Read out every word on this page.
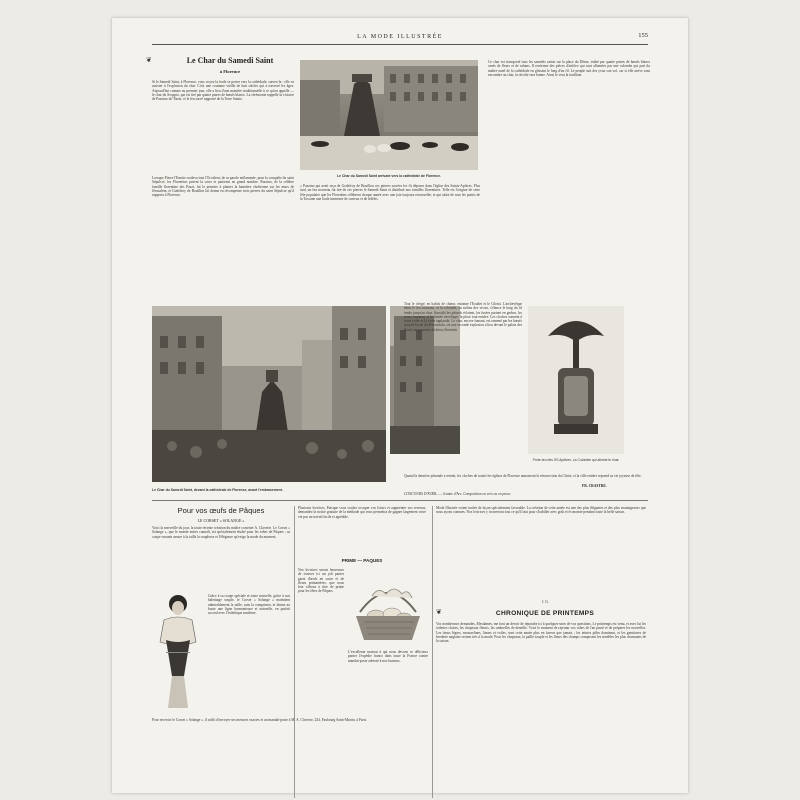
LA MODE ILLUSTRÉE	155
❦	Le Char du Samedi Saint
à Florence
Si le Samedi Saint, à Florence, vous voyez la foule se porter vers la cathédrale, suivez-la : elle va assister à l'explosion du char. C'est une coutume vieille de huit siècles qui a traversé les âges. Aujourd'hui comme au premier jour, elle a lieu d'une manière traditionnelle à ce qu'on appelle — le char du Scoppio, qui est tiré par quatre paires de bœufs blancs. La cérémonie rappelle la victoire de Pazzino de' Pazzi, et le feu sacré rapporté de la Terre Sainte.
Lorsque Pierre l'Ermite souleva tout l'Occident, de sa parole enflammée, pour la conquête du saint Sépulcre, les Florentins prirent la croix et partirent en grand nombre. Pazzino, de la célèbre famille florentine des Pazzi, fut le premier à planter la bannière chrétienne sur les murs de Jérusalem, et Godefroy de Bouillon lui donna en récompense trois pierres du saint Sépulcre qu'il rapporta à Florence.
Le Char du Samedi Saint arrivant vers la cathédrale de Florence.
Ce char est transporté tous les samedis saints sur la place du Dôme, traîné par quatre paires de bœufs blancs ornés de fleurs et de rubans. Il renferme des pièces d'artifice qui sont allumées par une colombe qui part du maître-autel de la cathédrale en glissant le long d'un fil. Le peuple suit des yeux son vol, car si elle arrive sans encombre au char, la récolte sera bonne. Ainsi le veut la tradition.
« Pazzino qui avait reçu de Godefroy de Bouillon ces pierres sacrées les fit déposer dans l'église des Saints-Apôtres. Plus tard, un feu nouveau fut tiré de ces pierres le Samedi Saint et distribué aux familles florentines. Telle est l'origine de cette fête populaire que les Florentins célèbrent chaque année avec une joie toujours renouvelée, et qui attire de tous les points de la Toscane une foule immense de curieux et de fidèles.
Le Char du Samedi Saint, devant la cathédrale de Florence, avant l'embrasement.
Tout le clergé, en habits de chœur, entonne l'Exultet et le Gloria. L'archevêque bénit le feu nouveau, et la colombe, au milieu des vivats, s'élance le long du fil tendu jusqu'au char. Aussitôt les pétards éclatent, les fusées partent en gerbes, les roues tournent, et la fumée enveloppe la place tout entière. Les cloches sonnent à toute volée et la foule applaudit. Le char, encore fumant, est ramené par les bœufs jusqu'à la rue du Proconsolo, où une seconde explosion a lieu devant le palais des Pazzi, en souvenir du héros florentin.
Porte-feu des SS Apôtres. La Colombe qui allume le char.
Quand la dernière pétarade a retenti, les cloches de toutes les églises de Florence annoncent la résurrection du Christ, et la ville entière reprend sa vie joyeuse de fête.
FR. CRASTRE.
CONCOURS D'AVRIL. — Jeanne d'Arc. Composition en vers ou en prose.
Pour vos œufs de Pâques
LE CORSET « SOLANGE »
Voici la merveille du jour, la toute récente création du maître corsetier A. Claverie. Le Corset « Solange », que le monde entier connaît, est spécialement étudié pour les robes de Pâques ; sa coupe savante assure à la taille la souplesse et l'élégance qu'exige la mode du moment.
Grâce à sa coupe spéciale et toute nouvelle, grâce à son baleinage souple, le Corset « Solange » maintient admirablement la taille, sans la comprimer, et donne au buste une ligne harmonieuse et naturelle, en parfait accord avec l'esthétique moderne.
Plusieurs lectrices, Puisque vous voulez occuper vos loisirs et augmenter vos revenus, demandez la notice gratuite de la méthode qui vous permettra de gagner largement votre vie par un travail facile et agréable.
PRIME — PAQUES
Nos lectrices seront heureuses de trouver ici un joli panier garni d'œufs en sucre et de fleurs printanières, que nous leur offrons à titre de prime pour les fêtes de Pâques.
L'excellente maison à qui nous devons ce délicieux panier l'expédie franco dans toute la France contre mandat-poste adressé à nos bureaux.
Pour recevoir le Corset « Solange », il suffit d'envoyer ses mesures exactes et un mandat-poste à M. A. Claverie, 234, Faubourg Saint-Martin, à Paris.
Mode Illustrée voient traités de façon spécialement favorable. La création de cette année est une des plus élégantes et des plus avantageuses que nous ayons connues. Nos lectrices y trouveront tout ce qu'il faut pour s'habiller avec goût et économie pendant toute la belle saison.
J. G.
❦	CHRONIQUE DE PRINTEMPS
Vos nombreuses demandes, Mesdames, me font un devoir de répondre ici à quelques-unes de vos questions. Le printemps est venu, et avec lui les toilettes claires, les chapeaux fleuris, les ombrelles de dentelle. Voici le moment de rajeunir vos robes de l'an passé et de préparer les nouvelles. Les tissus légers, mousselines, linons et voiles, sont cette année plus en faveur que jamais ; les teintes pâles dominent, et les garnitures de broderie anglaise restent très à la mode. Pour les chapeaux, la paille souple et les fleurs des champs composent les modèles les plus charmants de la saison.
